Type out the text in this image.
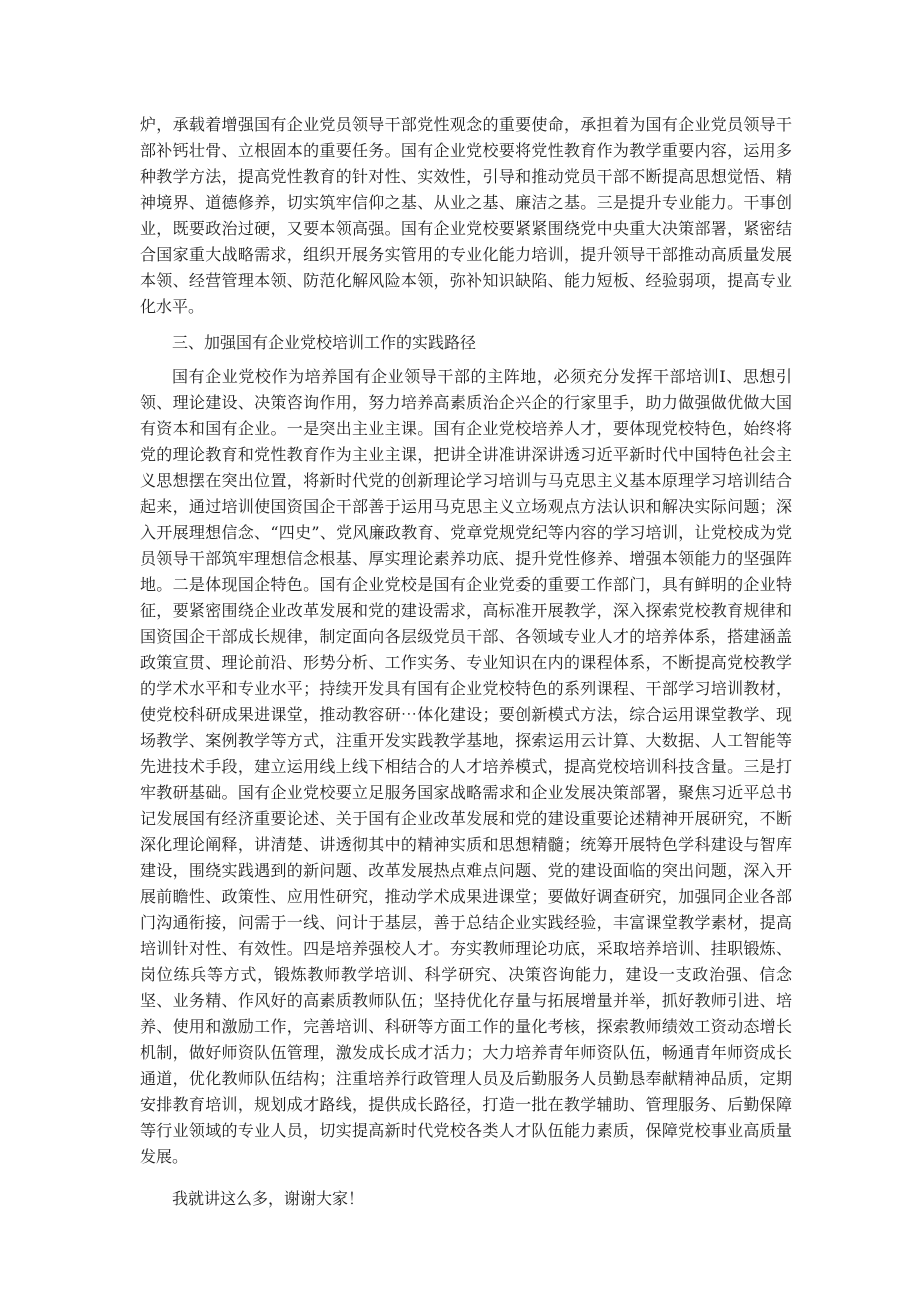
炉，承载着增强国有企业党员领导干部党性观念的重要使命，承担着为国有企业党员领导干部补钙壮骨、立根固本的重要任务。国有企业党校要将党性教育作为教学重要内容，运用多种教学方法，提高党性教育的针对性、实效性，引导和推动党员干部不断提高思想觉悟、精神境界、道德修养，切实筑牢信仰之基、从业之基、廉洁之基。三是提升专业能力。干事创业，既要政治过硬，又要本领高强。国有企业党校要紧紧围绕党中央重大决策部署，紧密结合国家重大战略需求，组织开展务实管用的专业化能力培训，提升领导干部推动高质量发展本领、经营管理本领、防范化解风险本领，弥补知识缺陷、能力短板、经验弱项，提高专业化水平。

三、加强国有企业党校培训工作的实践路径

国有企业党校作为培养国有企业领导干部的主阵地，必须充分发挥干部培训Ⅰ、思想引领、理论建设、决策咨询作用，努力培养高素质治企兴企的行家里手，助力做强做优做大国有资本和国有企业。一是突出主业主课。国有企业党校培养人才，要体现党校特色，始终将党的理论教育和党性教育作为主业主课，把讲全讲准讲深讲透习近平新时代中国特色社会主义思想摆在突出位置，将新时代党的创新理论学习培训与马克思主义基本原理学习培训结合起来，通过培训使国资国企干部善于运用马克思主义立场观点方法认识和解决实际问题；深入开展理想信念、“四史”、党风廉政教育、党章党规党纪等内容的学习培训，让党校成为党员领导干部筑牢理想信念根基、厚实理论素养功底、提升党性修养、增强本领能力的坚强阵地。二是体现国企特色。国有企业党校是国有企业党委的重要工作部门，具有鲜明的企业特征，要紧密围绕企业改革发展和党的建设需求，高标准开展教学，深入探索党校教育规律和国资国企干部成长规律，制定面向各层级党员干部、各领域专业人才的培养体系，搭建涵盖政策宣贯、理论前沿、形势分析、工作实务、专业知识在内的课程体系，不断提高党校教学的学术水平和专业水平；持续开发具有国有企业党校特色的系列课程、干部学习培训教材，使党校科研成果进课堂，推动教容研⋯体化建设；要创新模式方法，综合运用课堂教学、现场教学、案例教学等方式，注重开发实践教学基地，探索运用云计算、大数据、人工智能等先进技术手段，建立运用线上线下相结合的人才培养模式，提高党校培训科技含量。三是打牢教研基础。国有企业党校要立足服务国家战略需求和企业发展决策部署，聚焦习近平总书记发展国有经济重要论述、关于国有企业改革发展和党的建设重要论述精神开展研究，不断深化理论阐释，讲清楚、讲透彻其中的精神实质和思想精髓；统筹开展特色学科建设与智库建设，围绕实践遇到的新问题、改革发展热点难点问题、党的建设面临的突出问题，深入开展前瞻性、政策性、应用性研究，推动学术成果进课堂；要做好调查研究，加强同企业各部门沟通衔接，问需于一线、问计于基层，善于总结企业实践经验，丰富课堂教学素材，提高培训针对性、有效性。四是培养强校人才。夯实教师理论功底，采取培养培训、挂职锻炼、岗位练兵等方式，锻炼教师教学培训、科学研究、决策咨询能力，建设一支政治强、信念坚、业务精、作风好的高素质教师队伍；坚持优化存量与拓展增量并举，抓好教师引进、培养、使用和激励工作，完善培训、科研等方面工作的量化考核，探索教师绩效工资动态增长机制，做好师资队伍管理，激发成长成才活力；大力培养青年师资队伍，畅通青年师资成长通道，优化教师队伍结构；注重培养行政管理人员及后勤服务人员勤恳奉献精神品质，定期安排教育培训，规划成才路线，提供成长路径，打造一批在教学辅助、管理服务、后勤保障等行业领域的专业人员，切实提高新时代党校各类人才队伍能力素质，保障党校事业高质量发展。

我就讲这么多，谢谢大家！
